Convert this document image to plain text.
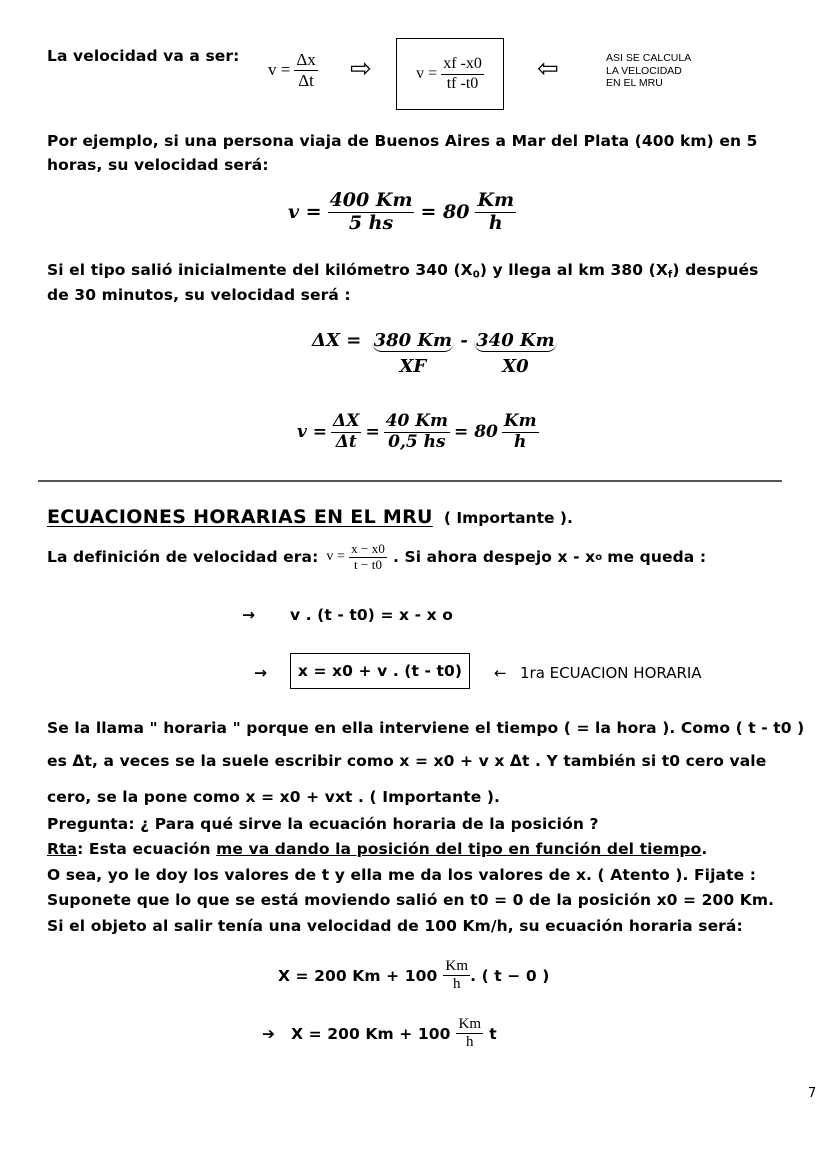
La velocidad va a ser:
$v = \frac{\Delta x}{\Delta t}$ ⇨	$v = \frac{xf -x0}{tf -t0}$ ⇦	ASI SE CALCULA
LA VELOCIDAD
EN EL MRU
Por ejemplo, si una persona viaja de Buenos Aires a Mar del Plata (400 km) en 5
horas, su velocidad será:
$v = \frac{400 Km}{5 hs} = 80 \frac{Km}{h}$
Si el tipo salió inicialmente del kilómetro 340 $(X_0)$ y llega al km 380 $(X_f)$ después
de 30 minutos, su velocidad será :
$\Delta X = \frac{380 Km}{XF} - \frac{340 Km}{X0}$
$v = \frac{\Delta X}{\Delta t} = \frac{40 Km}{0,5 hs} = 80 \frac{Km}{h}$
ECUACIONES HORARIAS EN EL MRU ( Importante ).
La definición de velocidad era: $v = \frac{x - x0}{t - t0}$ . Si ahora despejo x - x o me queda :
→ v . (t - t0) = x - x o
→	x = x0 + v . (t - t0)	← 1ra ECUACION HORARIA
Se la llama " horaria " porque en ella interviene el tiempo ( = la hora ). Como ( t - t0 )
es Δt, a veces se la suele escribir como x = x0 + v x Δt . Y también si t0 cero vale
cero, se la pone como x = x0 + vxt . ( Importante ).
Pregunta: ¿ Para qué sirve la ecuación horaria de la posición ?
Rta: Esta ecuación me va dando la posición del tipo en función del tiempo.
O sea, yo le doy los valores de t y ella me da los valores de x. ( Atento ). Fijate :
Suponete que lo que se está moviendo salió en t0 = 0 de la posición x0 = 200 Km.
Si el objeto al salir tenía una velocidad de 100 Km/h, su ecuación horaria será:
X = 200 $Km + 100 \frac{Km}{h}$ . ( t − 0 )
➔ X = 200 $Km + 100 \frac{Km}{h}$ t
7
